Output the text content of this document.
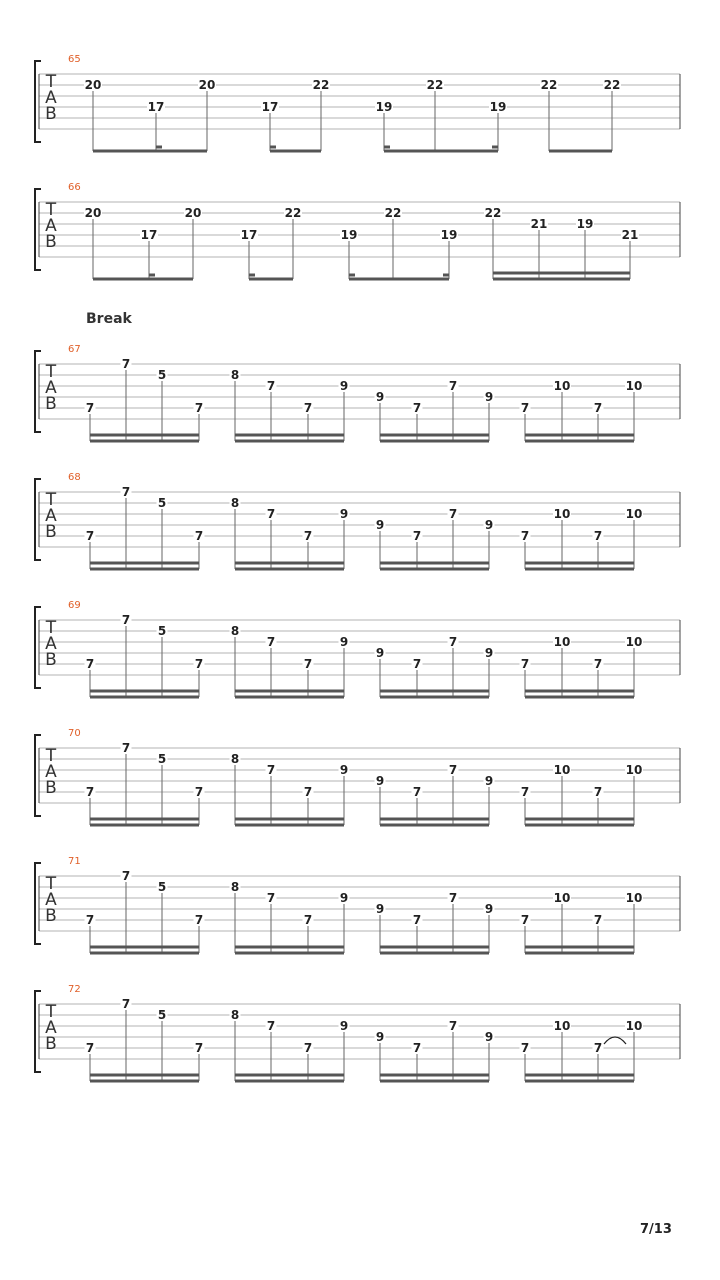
65
T
A
B
20
17
20
17
22
19
22
19
22	22
66
T
A
B
20
17
20
17
22
19
22
19
22
21 19
21
67
T
A
B 7
7
5
7
8
7
7
9
9
7
7
9
7
10
7
10
68
T
A
B 7
7
5
7
8
7
7
9
9
7
7
9
7
10
7
10
69
T
A
B 7
7
5
7
8
7
7
9
9
7
7
9
7
10
7
10
70
T
A
B 7
7
5
7
8
7
7
9
9
7
7
9
7
10
7
10
71
T
A
B 7
7
5
7
8
7
7
9
9
7
7
9
7
10
7
10
72
T
A
B 7
7
5
7
8
7
7
9
9
7
7
9
7
10
7
10
Break
7/13
